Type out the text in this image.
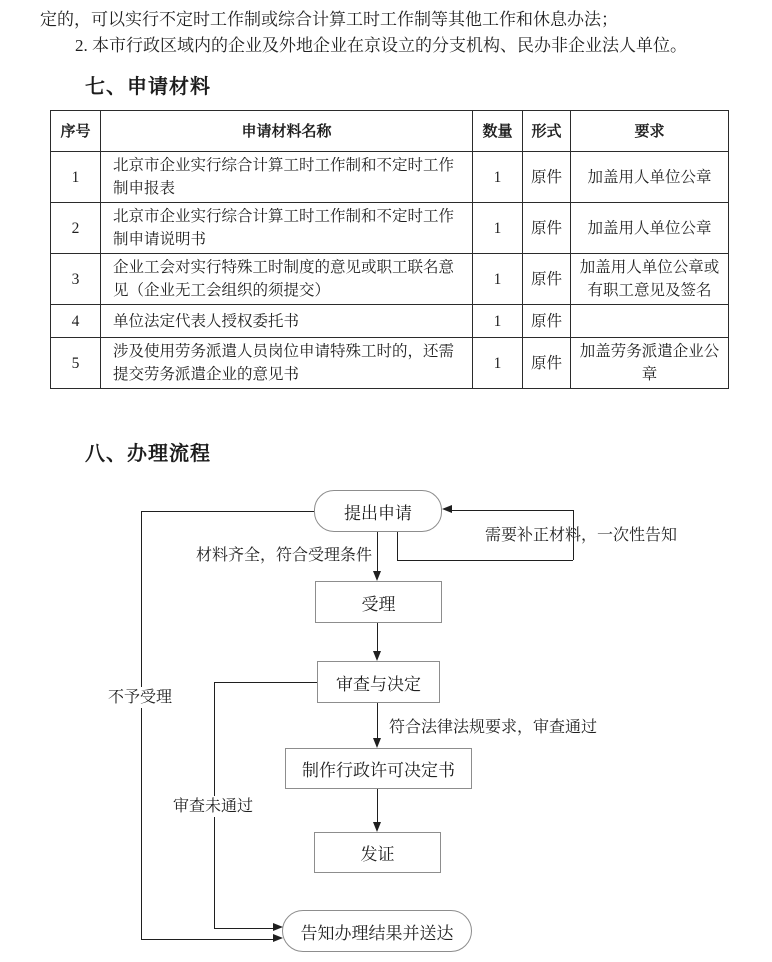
定的，可以实行不定时工作制或综合计算工时工作制等其他工作和休息办法；
2. 本市行政区域内的企业及外地企业在京设立的分支机构、民办非企业法人单位。
七、申请材料
序号	申请材料名称	数量	形式	要求
1	北京市企业实行综合计算工时工作制和不定时工作制申报表	1	原件	加盖用人单位公章
2	北京市企业实行综合计算工时工作制和不定时工作制申请说明书	1	原件	加盖用人单位公章
3	企业工会对实行特殊工时制度的意见或职工联名意见（企业无工会组织的须提交）	1	原件	加盖用人单位公章或有职工意见及签名
4	单位法定代表人授权委托书	1	原件	
5	涉及使用劳务派遣人员岗位申请特殊工时的，还需提交劳务派遣企业的意见书	1	原件	加盖劳务派遣企业公章
八、办理流程
提出申请
受理
审查与决定
制作行政许可决定书
发证
告知办理结果并送达
需要补正材料，一次性告知
材料齐全，符合受理条件
不予受理
符合法律法规要求，审查通过
审查未通过
